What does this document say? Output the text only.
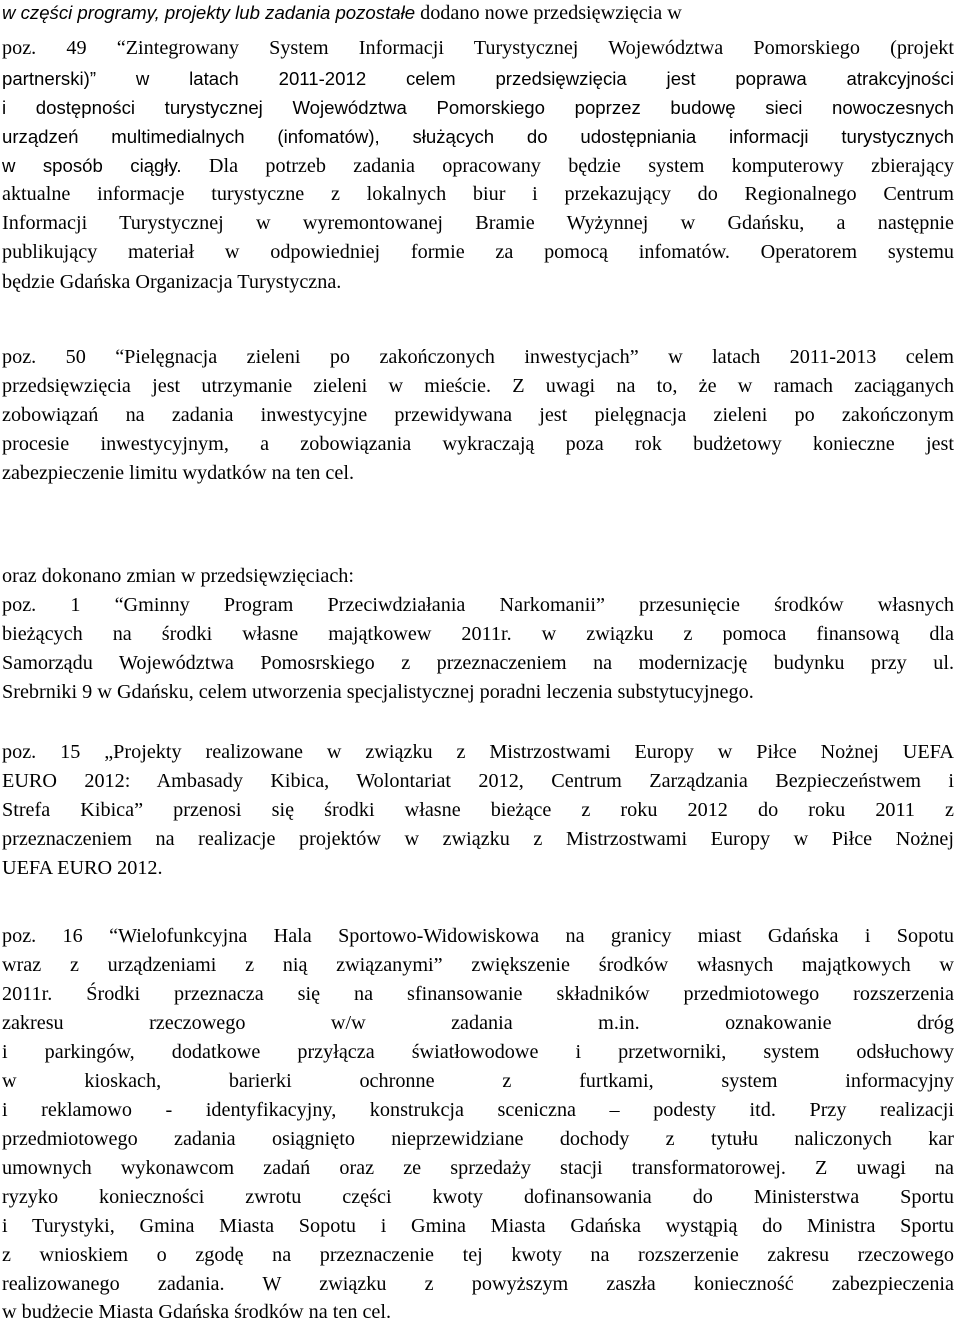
w części programy, projekty lub zadania pozostałe dodano nowe przedsięwzięcia w
poz. 49 “Zintegrowany System Informacji Turystycznej Województwa Pomorskiego (projekt
partnerski)” w latach 2011-2012 celem przedsięwzięcia jest poprawa atrakcyjności
i dostępności turystycznej Województwa Pomorskiego poprzez budowę sieci nowoczesnych
urządzeń multimedialnych (infomatów), służących do udostępniania informacji turystycznych
w sposób ciągły. Dla potrzeb zadania opracowany będzie system komputerowy zbierający
aktualne informacje turystyczne z lokalnych biur i przekazujący do Regionalnego Centrum
Informacji Turystycznej w wyremontowanej Bramie Wyżynnej w Gdańsku, a następnie
publikujący materiał w odpowiedniej formie za pomocą infomatów. Operatorem systemu
będzie Gdańska Organizacja Turystyczna.
poz. 50 “Pielęgnacja zieleni po zakończonych inwestycjach” w latach 2011-2013 celem
przedsięwzięcia jest utrzymanie zieleni w mieście. Z uwagi na to, że w ramach zaciąganych
zobowiązań na zadania inwestycyjne przewidywana jest pielęgnacja zieleni po zakończonym
procesie inwestycyjnym, a zobowiązania wykraczają poza rok budżetowy konieczne jest
zabezpieczenie limitu wydatków na ten cel.
oraz dokonano zmian w przedsięwzięciach:
poz. 1 “Gminny Program Przeciwdziałania Narkomanii” przesunięcie środków własnych
bieżących na środki własne majątkowew 2011r. w związku z pomoca finansową dla
Samorządu Województwa Pomosrskiego z przeznaczeniem na modernizację budynku przy ul.
Srebrniki 9 w Gdańsku, celem utworzenia specjalistycznej poradni leczenia substytucyjnego.
poz. 15 „Projekty realizowane w związku z Mistrzostwami Europy w Piłce Nożnej UEFA
EURO 2012: Ambasady Kibica, Wolontariat 2012, Centrum Zarządzania Bezpieczeństwem i
Strefa Kibica” przenosi się środki własne bieżące z roku 2012 do roku 2011 z
przeznaczeniem na realizacje projektów w związku z Mistrzostwami Europy w Piłce Nożnej
UEFA EURO 2012.
poz. 16 “Wielofunkcyjna Hala Sportowo-Widowiskowa na granicy miast Gdańska i Sopotu
wraz z urządzeniami z nią związanymi” zwiększenie środków własnych majątkowych w
2011r. Środki przeznacza się na sfinansowanie składników przedmiotowego rozszerzenia
zakresu rzeczowego w/w zadania m.in. oznakowanie dróg
i parkingów, dodatkowe przyłącza światłowodowe i przetworniki, system odsłuchowy
w kioskach, barierki ochronne z furtkami, system informacyjny
i reklamowo - identyfikacyjny, konstrukcja sceniczna – podesty itd. Przy realizacji
przedmiotowego zadania osiągnięto nieprzewidziane dochody z tytułu naliczonych kar
umownych wykonawcom zadań oraz ze sprzedaży stacji transformatorowej. Z uwagi na
ryzyko konieczności zwrotu części kwoty dofinansowania do Ministerstwa Sportu
i Turystyki, Gmina Miasta Sopotu i Gmina Miasta Gdańska wystąpią do Ministra Sportu
z wnioskiem o zgodę na przeznaczenie tej kwoty na rozszerzenie zakresu rzeczowego
realizowanego zadania. W związku z powyższym zaszła konieczność zabezpieczenia
w budżecie Miasta Gdańska środków na ten cel.
